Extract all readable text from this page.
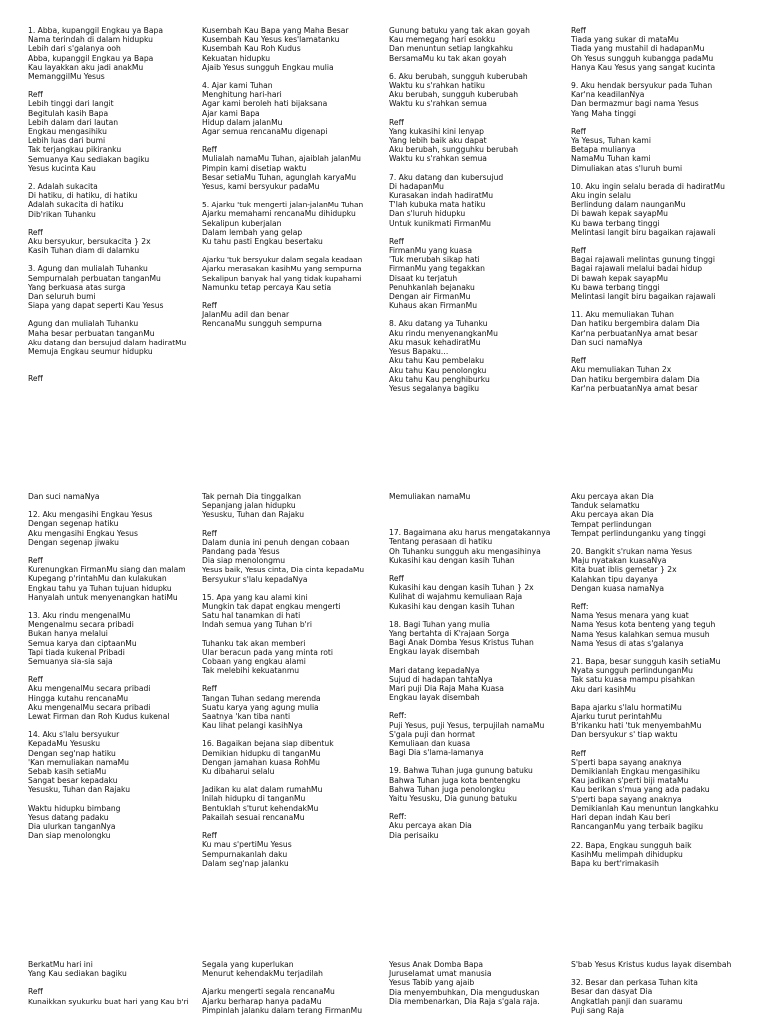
1. Abba, kupanggil Engkau ya Bapa
Nama terindah di dalam hidupku
Lebih dari s'galanya ooh
Abba, kupanggil Engkau ya Bapa
Kau layakkan aku jadi anakMu
MemanggilMu Yesus
Reff
Lebih tinggi dari langit
Begitulah kasih Bapa
Lebih dalam dari lautan
Engkau mengasihiku
Lebih luas dari bumi
Tak terjangkau pikiranku
Semuanya Kau sediakan bagiku
Yesus kucinta Kau
2. Adalah sukacita
Di hatiku, di hatiku, di hatiku
Adalah sukacita di hatiku
Dib'rikan Tuhanku
Reff
Aku bersyukur, bersukacita } 2x
Kasih Tuhan diam di dalamku
3. Agung dan mulialah Tuhanku
Sempurnalah perbuatan tanganMu
Yang berkuasa atas surga
Dan seluruh bumi
Siapa yang dapat seperti Kau Yesus
Agung dan mulialah Tuhanku
Maha besar perbuatan tanganMu
Aku datang dan bersujud dalam hadiratMu
Memuja Engkau seumur hidupku
Reff
Dan suci namaNya
12. Aku mengasihi Engkau Yesus
Dengan segenap hatiku
Aku mengasihi Engkau Yesus
Dengan segenap jiwaku
Reff
Kurenungkan FirmanMu siang dan malam
Kupegang p'rintahMu dan kulakukan
Engkau tahu ya Tuhan tujuan hidupku
Hanyalah untuk menyenangkan hatiMu
13. Aku rindu mengenalMu
Mengenalmu secara pribadi
Bukan hanya melalui
Semua karya dan ciptaanMu
Tapi tiada kukenal Pribadi
Semuanya sia-sia saja
Reff
Aku mengenalMu secara pribadi
Hingga kutahu rencanaMu
Aku mengenalMu secara pribadi
Lewat Firman dan Roh Kudus kukenal
14. Aku s'lalu bersyukur
KepadaMu Yesusku
Dengan seg'nap hatiku
'Kan memuliakan namaMu
Sebab kasih setiaMu
Sangat besar kepadaku
Yesusku, Tuhan dan Rajaku
Waktu hidupku bimbang
Yesus datang padaku
Dia ulurkan tanganNya
Dan siap menolongku
BerkatMu hari ini
Yang Kau sediakan bagiku
Reff
Kunaikkan syukurku buat hari yang Kau b'ri
Kusembah Kau Bapa yang Maha Besar
Kusembah Kau Yesus kes'lamatanku
Kusembah Kau Roh Kudus
Kekuatan hidupku
Ajaib Yesus sungguh Engkau mulia
4. Ajar kami Tuhan
Menghitung hari-hari
Agar kami beroleh hati bijaksana
Ajar kami Bapa
Hidup dalam jalanMu
Agar semua rencanaMu digenapi
Reff
Mulialah namaMu Tuhan, ajaiblah jalanMu
Pimpin kami disetiap waktu
Besar setiaMu Tuhan, agunglah karyaMu
Yesus, kami bersyukur padaMu
5. Ajarku 'tuk mengerti jalan-jalanMu Tuhan
Ajarku memahami rencanaMu dihidupku
Sekalipun kuberjalan
Dalam lembah yang gelap
Ku tahu pasti Engkau besertaku
Ajarku 'tuk bersyukur dalam segala keadaan
Ajarku merasakan kasihMu yang sempurna
Sekalipun banyak hal yang tidak kupahami
Namunku tetap percaya Kau setia
Reff
JalanMu adil dan benar
RencanaMu sungguh sempurna
Tak pernah Dia tinggalkan
Sepanjang jalan hidupku
Yesusku, Tuhan dan Rajaku
Reff
Dalam dunia ini penuh dengan cobaan
Pandang pada Yesus
Dia siap menolongmu
Yesus baik, Yesus cinta, Dia cinta kepadaMu
Bersyukur s'lalu kepadaNya
15. Apa yang kau alami kini
Mungkin tak dapat engkau mengerti
Satu hal tanamkan di hati
Indah semua yang Tuhan b'ri
Tuhanku tak akan memberi
Ular beracun pada yang minta roti
Cobaan yang engkau alami
Tak melebihi kekuatanmu
Reff
Tangan Tuhan sedang merenda
Suatu karya yang agung mulia
Saatnya 'kan tiba nanti
Kau lihat pelangi kasihNya
16. Bagaikan bejana siap dibentuk
Demikian hidupku di tanganMu
Dengan jamahan kuasa RohMu
Ku dibaharui selalu
Jadikan ku alat dalam rumahMu
Inilah hidupku di tanganMu
Bentuklah s'turut kehendakMu
Pakailah sesuai rencanaMu
Reff
Ku mau s'pertiMu Yesus
Sempurnakanlah daku
Dalam seg'nap jalanku
Segala yang kuperlukan
Menurut kehendakMu terjadilah
Ajarku mengerti segala rencanaMu
Ajarku berharap hanya padaMu
Pimpinlah jalanku dalam terang FirmanMu
Gunung batuku yang tak akan goyah
Kau memegang hari esokku
Dan menuntun setiap langkahku
BersamaMu ku tak akan goyah
6. Aku berubah, sungguh kuberubah
Waktu ku s'rahkan hatiku
Aku berubah, sungguh kuberubah
Waktu ku s'rahkan semua
Reff
Yang kukasihi kini lenyap
Yang lebih baik aku dapat
Aku berubah, sungguhku berubah
Waktu ku s'rahkan semua
7. Aku datang dan kubersujud
Di hadapanMu
Kurasakan indah hadiratMu
T'lah kubuka mata hatiku
Dan s'luruh hidupku
Untuk kunikmati FirmanMu
Reff
FirmanMu yang kuasa
'Tuk merubah sikap hati
FirmanMu yang tegakkan
Disaat ku terjatuh
Penuhkanlah bejanaku
Dengan air FirmanMu
Kuhaus akan FirmanMu
8. Aku datang ya Tuhanku
Aku rindu menyenangkanMu
Aku masuk kehadiratMu
Yesus Bapaku…
Aku tahu Kau pembelaku
Aku tahu Kau penolongku
Aku tahu Kau penghiburku
Yesus segalanya bagiku
Memuliakan namaMu
17. Bagaimana aku harus mengatakannya
Tentang perasaan di hatiku
Oh Tuhanku sungguh aku mengasihinya
Kukasihi kau dengan kasih Tuhan
Reff
Kukasihi kau dengan kasih Tuhan } 2x
Kulihat di wajahmu kemuliaan Raja
Kukasihi kau dengan kasih Tuhan
18. Bagi Tuhan yang mulia
Yang bertahta di K'rajaan Sorga
Bagi Anak Domba Yesus Kristus Tuhan
Engkau layak disembah
Mari datang kepadaNya
Sujud di hadapan tahtaNya
Mari puji Dia Raja Maha Kuasa
Engkau layak disembah
Reff:
Puji Yesus, puji Yesus, terpujilah namaMu
S'gala puji dan hormat
Kemuliaan dan kuasa
Bagi Dia s'lama-lamanya
19. Bahwa Tuhan juga gunung batuku
Bahwa Tuhan juga kota bentengku
Bahwa Tuhan juga penolongku
Yaitu Yesusku, Dia gunung batuku
Reff:
Aku percaya akan Dia
Dia perisaiku
Yesus Anak Domba Bapa
Juruselamat umat manusia
Yesus Tabib yang ajaib
Dia menyembuhkan, Dia menguduskan
Dia membenarkan, Dia Raja s'gala raja.
Reff
Tiada yang sukar di mataMu
Tiada yang mustahil di hadapanMu
Oh Yesus sungguh kubangga padaMu
Hanya Kau Yesus yang sangat kucinta
9. Aku hendak bersyukur pada Tuhan
Kar'na keadilanNya
Dan bermazmur bagi nama Yesus
Yang Maha tinggi
Reff
Ya Yesus, Tuhan kami
Betapa mulianya
NamaMu Tuhan kami
Dimuliakan atas s'luruh bumi
10. Aku ingin selalu berada di hadiratMu
Aku ingin selalu
Berlindung dalam naunganMu
Di bawah kepak sayapMu
Ku bawa terbang tinggi
Melintasi langit biru bagaikan rajawali
Reff
Bagai rajawali melintas gunung tinggi
Bagai rajawali melalui badai hidup
Di bawah kepak sayapMu
Ku bawa terbang tinggi
Melintasi langit biru bagaikan rajawali
11. Aku memuliakan Tuhan
Dan hatiku bergembira dalam Dia
Kar'na perbuatanNya amat besar
Dan suci namaNya
Reff
Aku memuliakan Tuhan 2x
Dan hatiku bergembira dalam Dia
Kar'na perbuatanNya amat besar
Aku percaya akan Dia
Tanduk selamatku
Aku percaya akan Dia
Tempat perlindungan
Tempat perlindunganku yang tinggi
20. Bangkit s'rukan nama Yesus
Maju nyatakan kuasaNya
Kita buat iblis gemetar } 2x
Kalahkan tipu dayanya
Dengan kuasa namaNya
Reff:
Nama Yesus menara yang kuat
Nama Yesus kota benteng yang teguh
Nama Yesus kalahkan semua musuh
Nama Yesus di atas s'galanya
21. Bapa, besar sungguh kasih setiaMu
Nyata sungguh perlindunganMu
Tak satu kuasa mampu pisahkan
Aku dari kasihMu
Bapa ajarku s'lalu hormatiMu
Ajarku turut perintahMu
B'rikanku hati 'tuk menyembahMu
Dan bersyukur s' tiap waktu
Reff
S'perti bapa sayang anaknya
Demikianlah Engkau mengasihiku
Kau jadikan s'perti biji mataMu
Kau berikan s'mua yang ada padaku
S'perti bapa sayang anaknya
Demikianlah Kau menuntun langkahku
Hari depan indah Kau beri
RancanganMu yang terbaik bagiku
22. Bapa, Engkau sungguh baik
KasihMu melimpah dihidupku
Bapa ku bert'rimakasih
S'bab Yesus Kristus kudus layak disembah
32. Besar dan perkasa Tuhan kita
Besar dan dasyat Dia
Angkatlah panji dan suaramu
Puji sang Raja
